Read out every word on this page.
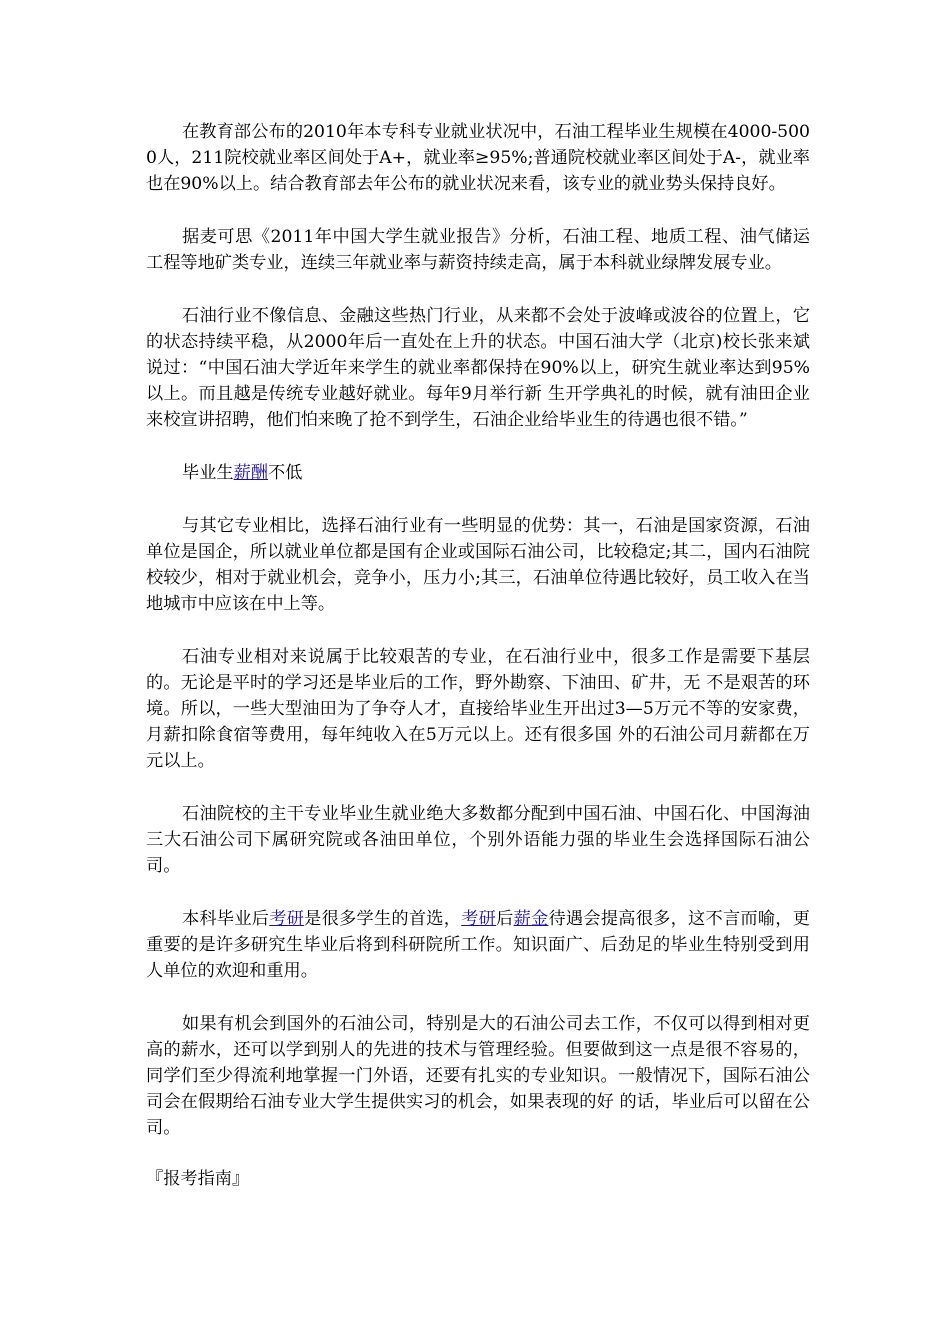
在教育部公布的2010年本专科专业就业状况中，石油工程毕业生规模在4000-5000人，211院校就业率区间处于A+，就业率≥95%;普通院校就业率区间处于A-，就业率也在90%以上。结合教育部去年公布的就业状况来看，该专业的就业势头保持良好。

据麦可思《2011年中国大学生就业报告》分析，石油工程、地质工程、油气储运工程等地矿类专业，连续三年就业率与薪资持续走高，属于本科就业绿牌发展专业。

石油行业不像信息、金融这些热门行业，从来都不会处于波峰或波谷的位置上，它的状态持续平稳，从2000年后一直处在上升的状态。中国石油大学（北京)校长张来斌说过：“中国石油大学近年来学生的就业率都保持在90%以上，研究生就业率达到95%以上。而且越是传统专业越好就业。每年9月举行新 生开学典礼的时候，就有油田企业来校宣讲招聘，他们怕来晚了抢不到学生，石油企业给毕业生的待遇也很不错。”

毕业生薪酬不低

与其它专业相比，选择石油行业有一些明显的优势：其一，石油是国家资源，石油单位是国企，所以就业单位都是国有企业或国际石油公司，比较稳定;其二，国内石油院校较少，相对于就业机会，竞争小，压力小;其三，石油单位待遇比较好，员工收入在当地城市中应该在中上等。

石油专业相对来说属于比较艰苦的专业，在石油行业中，很多工作是需要下基层的。无论是平时的学习还是毕业后的工作，野外勘察、下油田、矿井，无 不是艰苦的环境。所以，一些大型油田为了争夺人才，直接给毕业生开出过3—5万元不等的安家费，月薪扣除食宿等费用，每年纯收入在5万元以上。还有很多国 外的石油公司月薪都在万元以上。

石油院校的主干专业毕业生就业绝大多数都分配到中国石油、中国石化、中国海油三大石油公司下属研究院或各油田单位，个别外语能力强的毕业生会选择国际石油公司。

本科毕业后考研是很多学生的首选，考研后薪金待遇会提高很多，这不言而喻，更重要的是许多研究生毕业后将到科研院所工作。知识面广、后劲足的毕业生特别受到用人单位的欢迎和重用。

如果有机会到国外的石油公司，特别是大的石油公司去工作，不仅可以得到相对更高的薪水，还可以学到别人的先进的技术与管理经验。但要做到这一点是很不容易的，同学们至少得流利地掌握一门外语，还要有扎实的专业知识。一般情况下，国际石油公司会在假期给石油专业大学生提供实习的机会，如果表现的好 的话，毕业后可以留在公司。

『报考指南』
